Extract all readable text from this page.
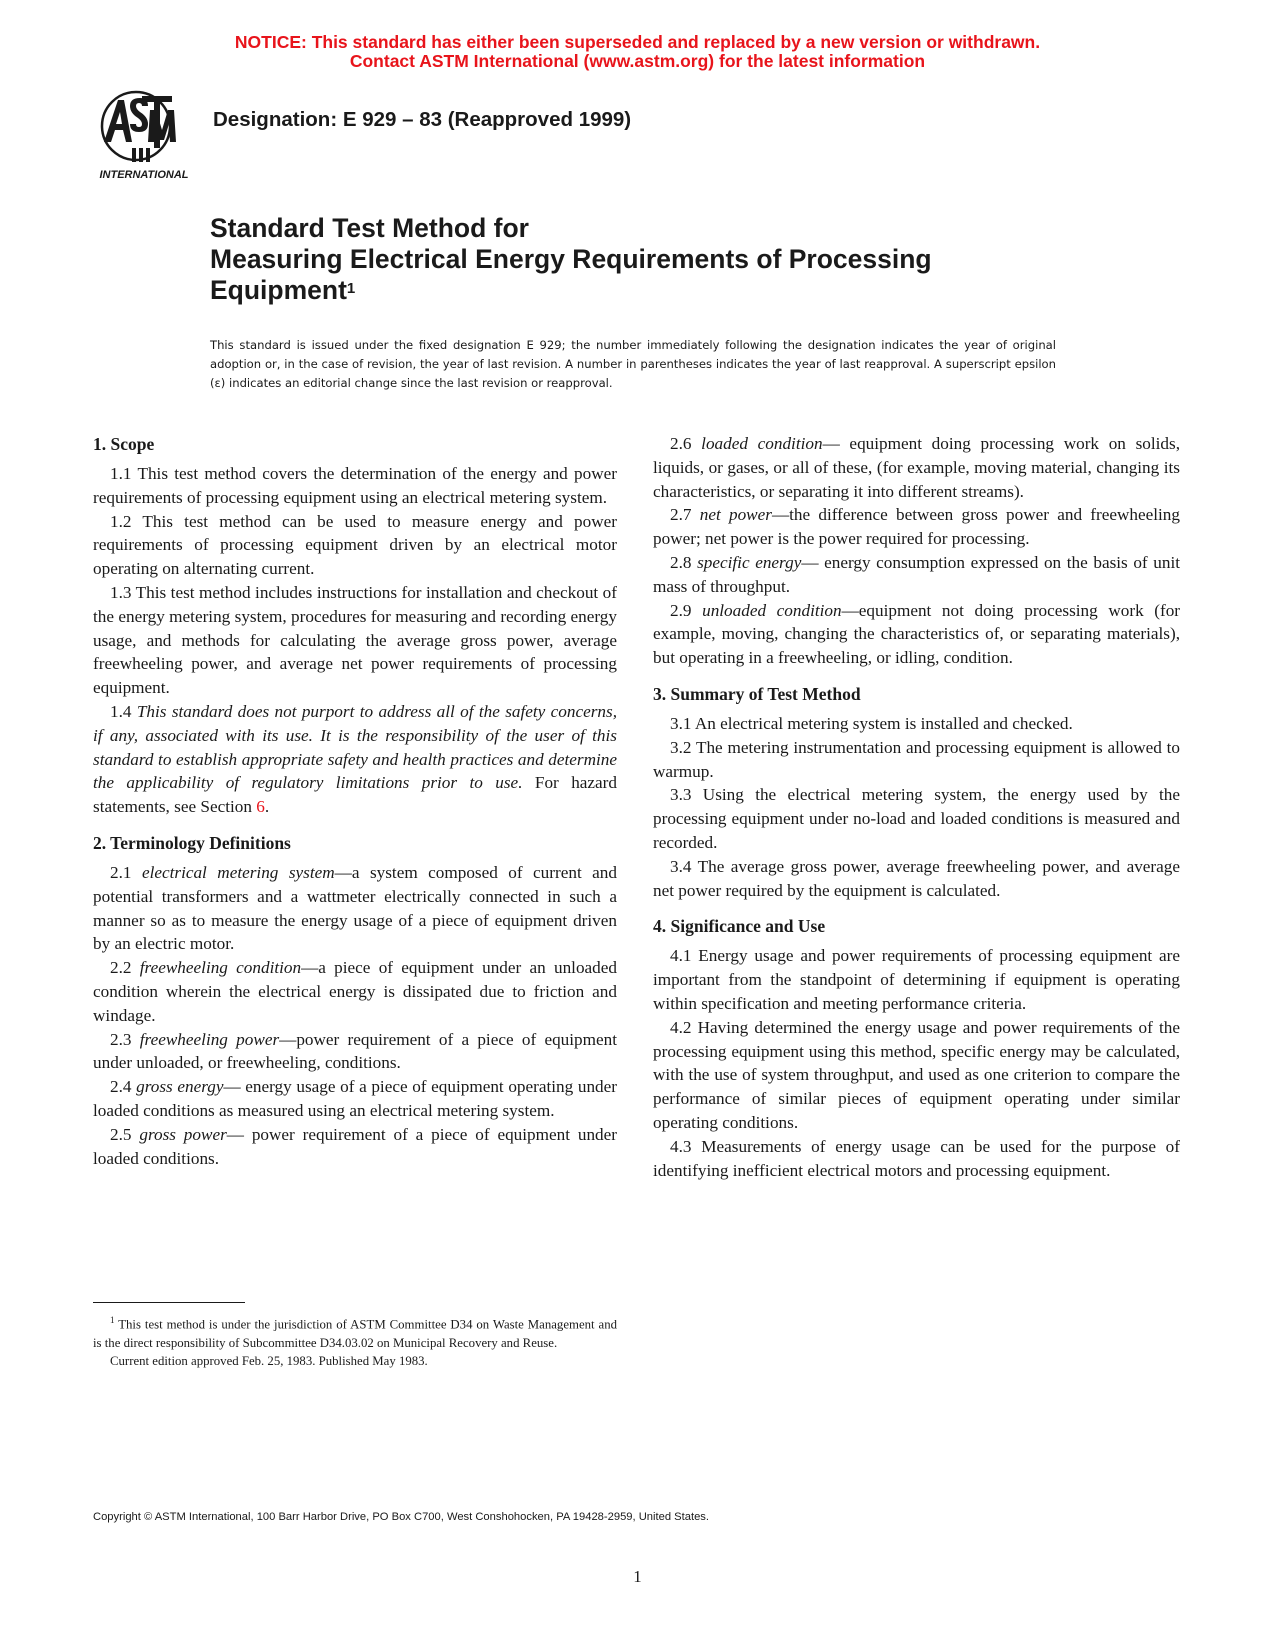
NOTICE: This standard has either been superseded and replaced by a new version or withdrawn.
Contact ASTM International (www.astm.org) for the latest information
INTERNATIONAL
Designation: E 929 – 83 (Reapproved 1999)
Standard Test Method for
Measuring Electrical Energy Requirements of Processing
Equipment$^1$
This standard is issued under the fixed designation E 929; the number immediately following the designation indicates the year of original adoption or, in the case of revision, the year of last revision. A number in parentheses indicates the year of last reapproval. A superscript epsilon (ε) indicates an editorial change since the last revision or reapproval.
1. Scope

1.1 This test method covers the determination of the energy and power requirements of processing equipment using an electrical metering system.

1.2 This test method can be used to measure energy and power requirements of processing equipment driven by an electrical motor operating on alternating current.

1.3 This test method includes instructions for installation and checkout of the energy metering system, procedures for measuring and recording energy usage, and methods for calculating the average gross power, average freewheeling power, and average net power requirements of processing equipment.

1.4 This standard does not purport to address all of the safety concerns, if any, associated with its use. It is the responsibility of the user of this standard to establish appropriate safety and health practices and determine the applicability of regulatory limitations prior to use. For hazard statements, see Section 6.

2. Terminology Definitions

2.1 electrical metering system—a system composed of current and potential transformers and a wattmeter electrically connected in such a manner so as to measure the energy usage of a piece of equipment driven by an electric motor.

2.2 freewheeling condition—a piece of equipment under an unloaded condition wherein the electrical energy is dissipated due to friction and windage.

2.3 freewheeling power—power requirement of a piece of equipment under unloaded, or freewheeling, conditions.

2.4 gross energy— energy usage of a piece of equipment operating under loaded conditions as measured using an electrical metering system.

2.5 gross power— power requirement of a piece of equipment under loaded conditions.

2.6 loaded condition— equipment doing processing work on solids, liquids, or gases, or all of these, (for example, moving material, changing its characteristics, or separating it into different streams).

2.7 net power—the difference between gross power and freewheeling power; net power is the power required for processing.

2.8 specific energy— energy consumption expressed on the basis of unit mass of throughput.

2.9 unloaded condition—equipment not doing processing work (for example, moving, changing the characteristics of, or separating materials), but operating in a freewheeling, or idling, condition.

3. Summary of Test Method

3.1 An electrical metering system is installed and checked.

3.2 The metering instrumentation and processing equipment is allowed to warmup.

3.3 Using the electrical metering system, the energy used by the processing equipment under no-load and loaded conditions is measured and recorded.

3.4 The average gross power, average freewheeling power, and average net power required by the equipment is calculated.

4. Significance and Use

4.1 Energy usage and power requirements of processing equipment are important from the standpoint of determining if equipment is operating within specification and meeting performance criteria.

4.2 Having determined the energy usage and power requirements of the processing equipment using this method, specific energy may be calculated, with the use of system throughput, and used as one criterion to compare the performance of similar pieces of equipment operating under similar operating conditions.

4.3 Measurements of energy usage can be used for the purpose of identifying inefficient electrical motors and processing equipment.

$^1$ This test method is under the jurisdiction of ASTM Committee D34 on Waste Management and is the direct responsibility of Subcommittee D34.03.02 on Municipal Recovery and Reuse.

Current edition approved Feb. 25, 1983. Published May 1983.

Copyright © ASTM International, 100 Barr Harbor Drive, PO Box C700, West Conshohocken, PA 19428-2959, United States.
1
